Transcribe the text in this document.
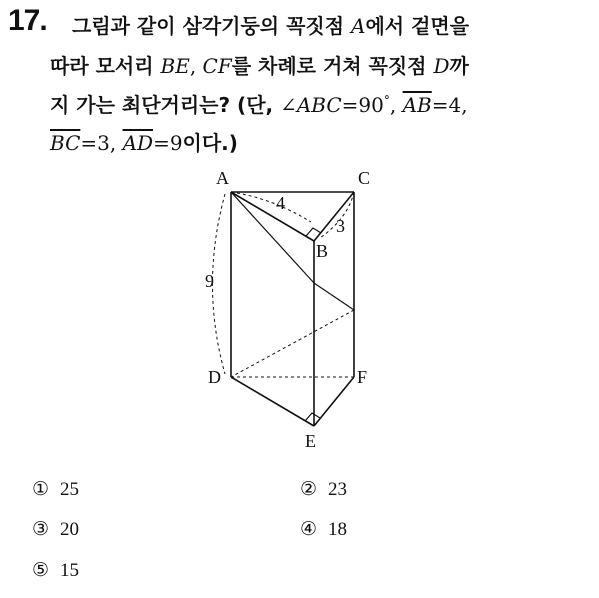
17. 그림과 같이 삼각기둥의 꼭짓점 A에서 겉면을
따라 모서리 BE, CF를 차례로 거쳐 꼭짓점 D까
지 가는 최단거리는? (단, ∠ABC=90°, $\overline{AB}=4$,
$\overline{BC}=3$, $\overline{AD}=9$이다.)
A	C
B
D	F
E
4
3
9
① 25	② 23
③ 20	④ 18
⑤ 15
